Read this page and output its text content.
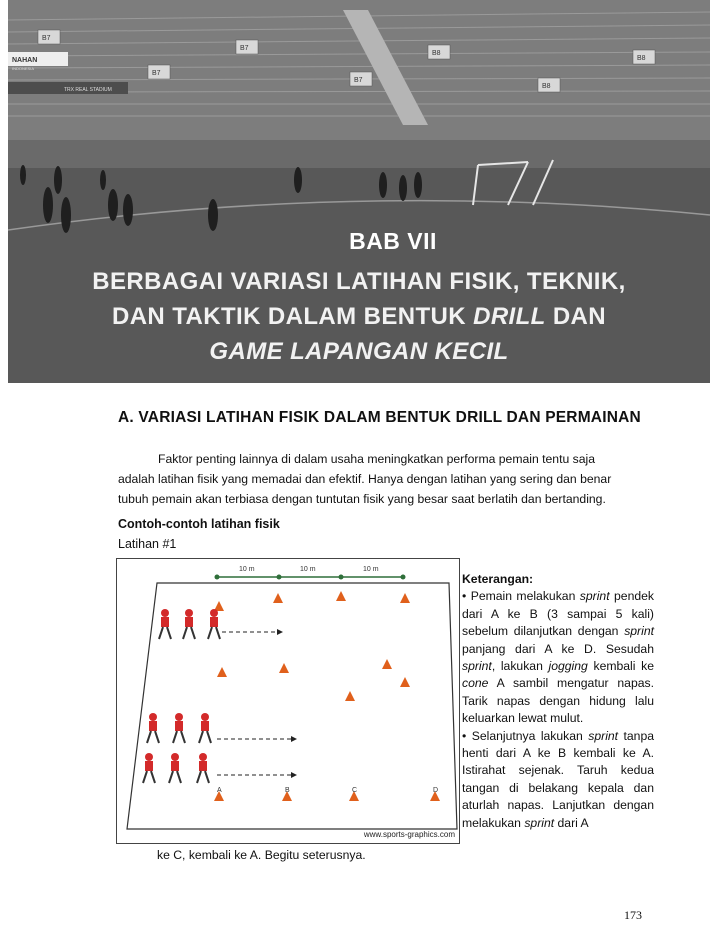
B7
B7
B7
B7
B8
B8
B8
NAHAN
INDONESIA
TRX REAL STADIUM
BAB VII
BERBAGAI VARIASI LATIHAN FISIK, TEKNIK,
DAN TAKTIK DALAM BENTUK DRILL DAN
GAME LAPANGAN KECIL
A. VARIASI LATIHAN FISIK DALAM BENTUK DRILL DAN PERMAINAN
Faktor penting lainnya di dalam usaha meningkatkan performa pemain tentu saja
adalah latihan fisik yang memadai dan efektif. Hanya dengan latihan yang sering dan benar
tubuh pemain akan terbiasa dengan tuntutan fisik yang besar saat berlatih dan bertanding.
Contoh-contoh latihan fisik
Latihan #1
10 m	10 m	10 m
A	B	C	D
www.sports-graphics.com
Keterangan:
• Pemain melakukan sprint pendek dari A ke B (3 sampai 5 kali) sebelum dilanjutkan dengan sprint panjang dari A ke D. Sesudah sprint, lakukan jogging kembali ke cone A sambil mengatur napas. Tarik napas dengan hidung lalu keluarkan lewat mulut.
• Selanjutnya lakukan sprint tanpa henti dari A ke B kembali ke A. Istirahat sejenak. Taruh kedua tangan di belakang kepala dan aturlah napas. Lanjutkan dengan melakukan sprint dari A
ke C, kembali ke A. Begitu seterusnya.
173
